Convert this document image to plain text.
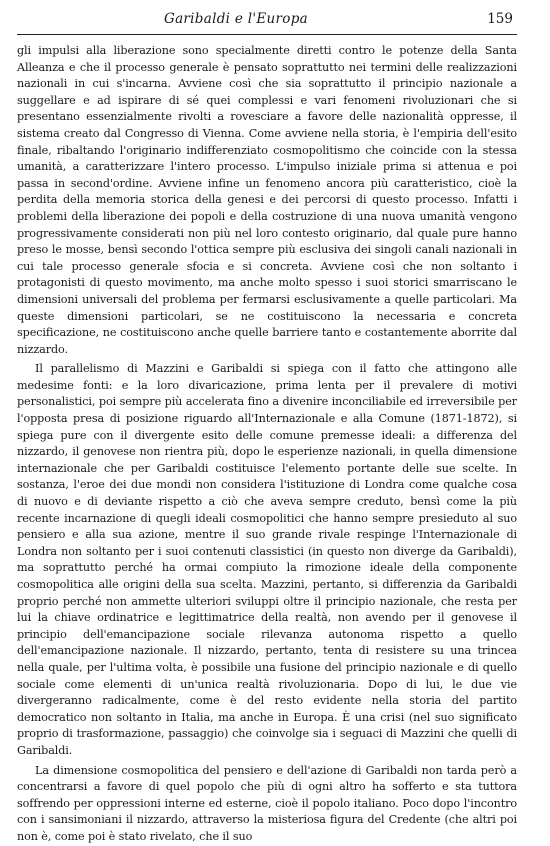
Garibaldi e l'Europa	159

gli impulsi alla liberazione sono specialmente diretti contro le potenze della Santa Alleanza e che il processo generale è pensato soprattutto nei termini delle realizzazioni nazionali in cui s'incarna. Avviene così che sia soprattutto il principio nazionale a suggellare e ad ispirare di sé quei complessi e vari fenomeni rivoluzionari che si presentano essenzialmente rivolti a rovesciare a favore delle nazionalità oppresse, il sistema creato dal Congresso di Vienna. Come avviene nella storia, è l'empiria dell'esito finale, ribaltando l'originario indifferenziato cosmopolitismo che coincide con la stessa umanità, a caratterizzare l'intero processo. L'impulso iniziale prima si attenua e poi passa in second'ordine. Avviene infine un fenomeno ancora più caratteristico, cioè la perdita della memoria storica della genesi e dei percorsi di questo processo. Infatti i problemi della liberazione dei popoli e della costruzione di una nuova umanità vengono progressivamente considerati non più nel loro contesto originario, dal quale pure hanno preso le mosse, bensì secondo l'ottica sempre più esclusiva dei singoli canali nazionali in cui tale processo generale sfocia e si concreta. Avviene così che non soltanto i protagonisti di questo movimento, ma anche molto spesso i suoi storici smarriscano le dimensioni universali del problema per fermarsi esclusivamente a quelle particolari. Ma queste dimensioni particolari, se ne costituiscono la necessaria e concreta specificazione, ne costituiscono anche quelle barriere tanto e costantemente aborrite dal nizzardo.

Il parallelismo di Mazzini e Garibaldi si spiega con il fatto che attingono alle medesime fonti: e la loro divaricazione, prima lenta per il prevalere di motivi personalistici, poi sempre più accelerata fino a divenire inconciliabile ed irreversibile per l'opposta presa di posizione riguardo all'Internazionale e alla Comune (1871-1872), si spiega pure con il divergente esito delle comune premesse ideali: a differenza del nizzardo, il genovese non rientra più, dopo le esperienze nazionali, in quella dimensione internazionale che per Garibaldi costituisce l'elemento portante delle sue scelte. In sostanza, l'eroe dei due mondi non considera l'istituzione di Londra come qualche cosa di nuovo e di deviante rispetto a ciò che aveva sempre creduto, bensì come la più recente incarnazione di quegli ideali cosmopolitici che hanno sempre presieduto al suo pensiero e alla sua azione, mentre il suo grande rivale respinge l'Internazionale di Londra non soltanto per i suoi contenuti classistici (in questo non diverge da Garibaldi), ma soprattutto perché ha ormai compiuto la rimozione ideale della componente cosmopolitica alle origini della sua scelta. Mazzini, pertanto, si differenzia da Garibaldi proprio perché non ammette ulteriori sviluppi oltre il principio nazionale, che resta per lui la chiave ordinatrice e legittimatrice della realtà, non avendo per il genovese il principio dell'emancipazione sociale rilevanza autonoma rispetto a quello dell'emancipazione nazionale. Il nizzardo, pertanto, tenta di resistere su una trincea nella quale, per l'ultima volta, è possibile una fusione del principio nazionale e di quello sociale come elementi di un'unica realtà rivoluzionaria. Dopo di lui, le due vie divergeranno radicalmente, come è del resto evidente nella storia del partito democratico non soltanto in Italia, ma anche in Europa. È una crisi (nel suo significato proprio di trasformazione, passaggio) che coinvolge sia i seguaci di Mazzini che quelli di Garibaldi.

La dimensione cosmopolitica del pensiero e dell'azione di Garibaldi non tarda però a concentrarsi a favore di quel popolo che più di ogni altro ha sofferto e sta tuttora soffrendo per oppressioni interne ed esterne, cioè il popolo italiano. Poco dopo l'incontro con i sansimoniani il nizzardo, attraverso la misteriosa figura del Credente (che altri poi non è, come poi è stato rivelato, che il suo
